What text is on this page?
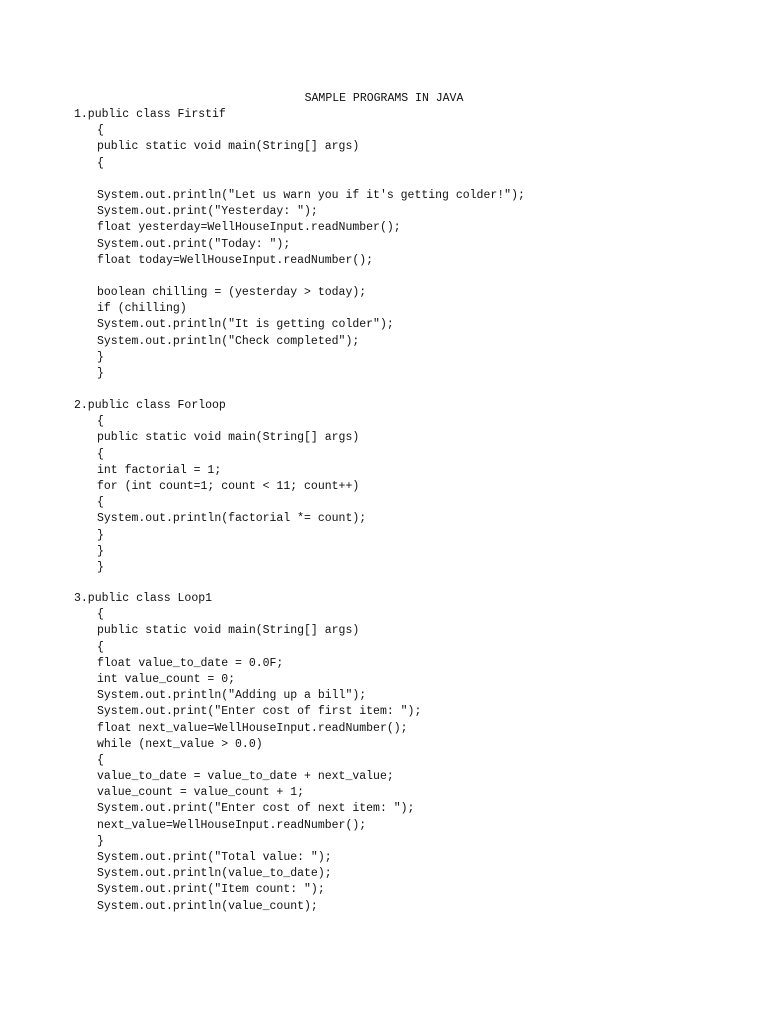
SAMPLE PROGRAMS IN JAVA
1.public class Firstif
{
public static void main(String[] args)
{
System.out.println("Let us warn you if it's getting colder!");
System.out.print("Yesterday: ");
float yesterday=WellHouseInput.readNumber();
System.out.print("Today: ");
float today=WellHouseInput.readNumber();
boolean chilling = (yesterday > today);
if (chilling)
System.out.println("It is getting colder");
System.out.println("Check completed");
}
}
2.public class Forloop
{
public static void main(String[] args)
{
int factorial = 1;
for (int count=1; count < 11; count++)
{
System.out.println(factorial *= count);
}
}
}
3.public class Loop1
{
public static void main(String[] args)
{
float value_to_date = 0.0F;
int value_count = 0;
System.out.println("Adding up a bill");
System.out.print("Enter cost of first item: ");
float next_value=WellHouseInput.readNumber();
while (next_value > 0.0)
{
value_to_date = value_to_date + next_value;
value_count = value_count + 1;
System.out.print("Enter cost of next item: ");
next_value=WellHouseInput.readNumber();
}
System.out.print("Total value: ");
System.out.println(value_to_date);
System.out.print("Item count: ");
System.out.println(value_count);
